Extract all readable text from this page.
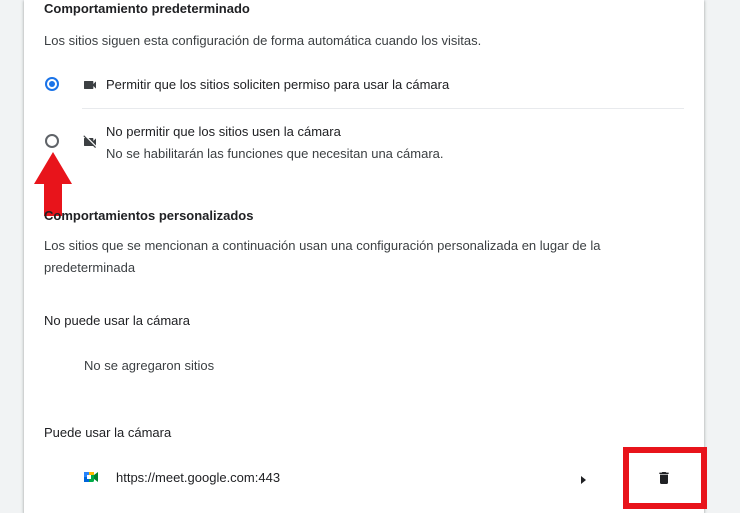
Comportamiento predeterminado
Los sitios siguen esta configuración de forma automática cuando los visitas.
Permitir que los sitios soliciten permiso para usar la cámara
No permitir que los sitios usen la cámara
No se habilitarán las funciones que necesitan una cámara.
Comportamientos personalizados
Los sitios que se mencionan a continuación usan una configuración personalizada en lugar de la
predeterminada
No puede usar la cámara
No se agregaron sitios
Puede usar la cámara
https://meet.google.com:443
